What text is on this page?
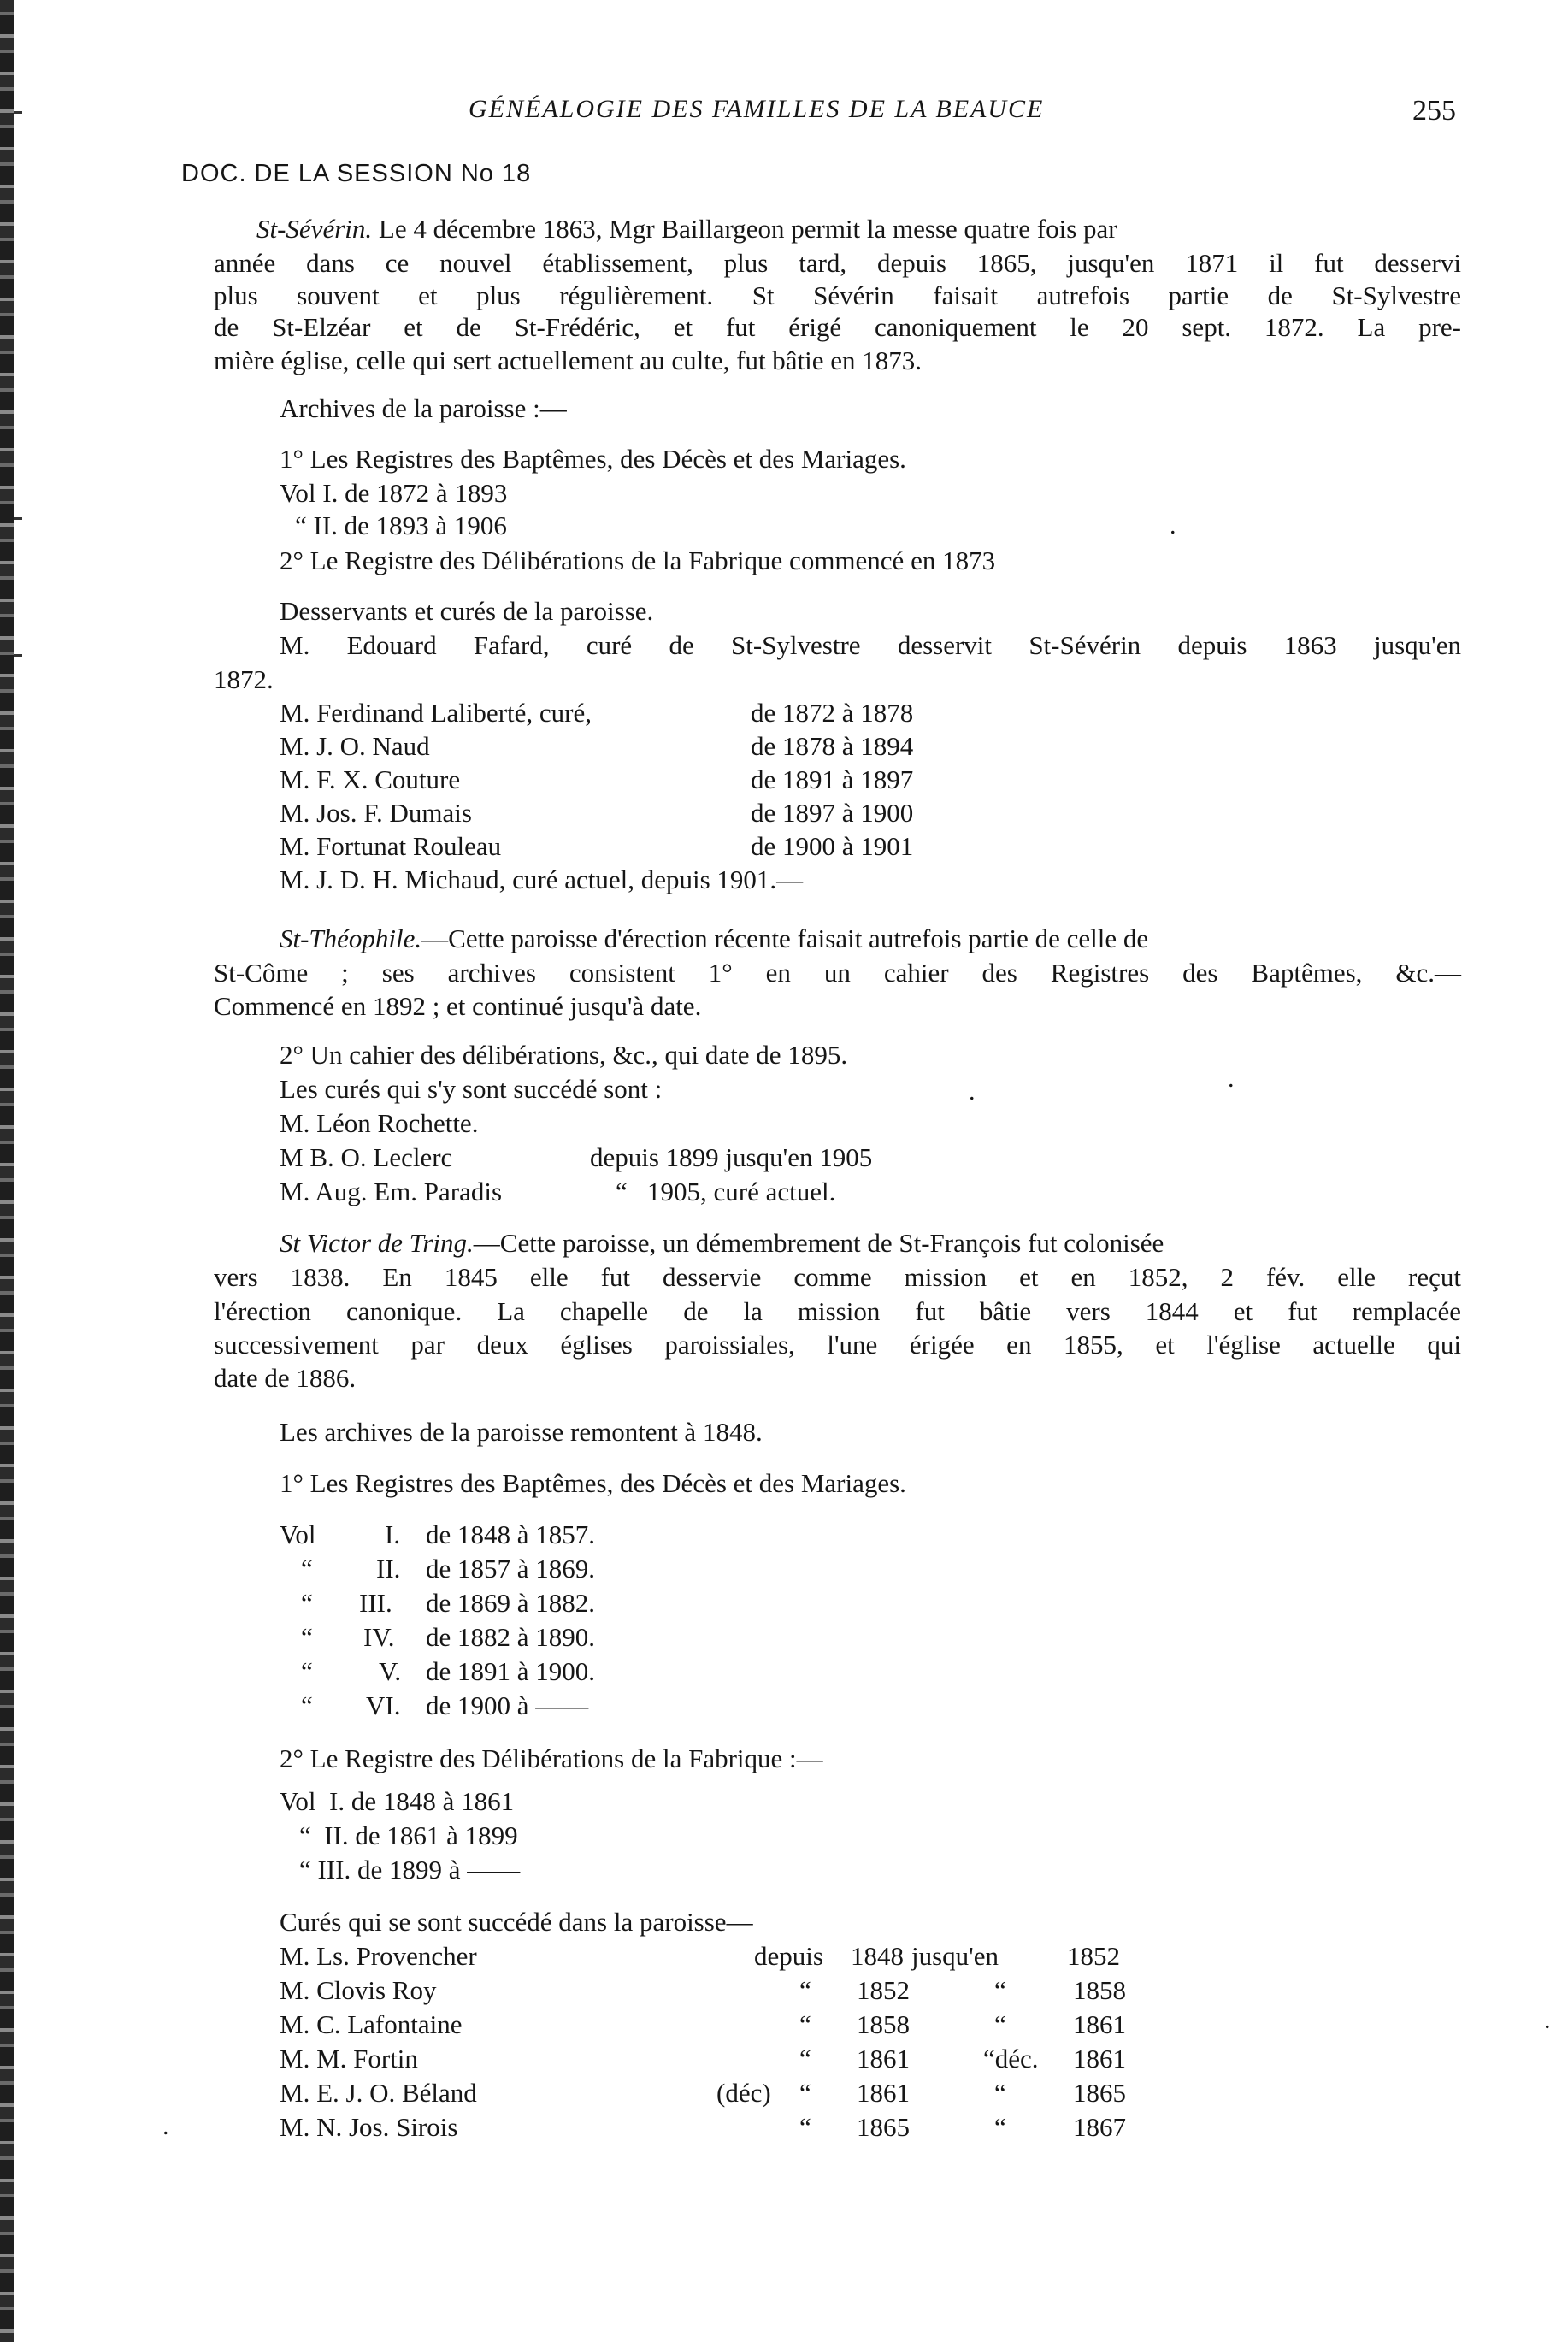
GÉNÉALOGIE DES FAMILLES DE LA BEAUCE	255
DOC. DE LA SESSION No 18
St-Sévérin. Le 4 décembre 1863, Mgr Baillargeon permit la messe quatre fois par
année dans ce nouvel établissement, plus tard, depuis 1865, jusqu'en 1871 il fut desservi
plus souvent et plus régulièrement. St Sévérin faisait autrefois partie de St-Sylvestre
de St-Elzéar et de St-Frédéric, et fut érigé canoniquement le 20 sept. 1872. La pre-
mière église, celle qui sert actuellement au culte, fut bâtie en 1873.
Archives de la paroisse :—
1° Les Registres des Baptêmes, des Décès et des Mariages.
Vol I. de 1872 à 1893
“ II. de 1893 à 1906	.
2° Le Registre des Délibérations de la Fabrique commencé en 1873
Desservants et curés de la paroisse.
M. Edouard Fafard, curé de St-Sylvestre desservit St-Sévérin depuis 1863 jusqu'en
1872.
M. Ferdinand Laliberté, curé,	de 1872 à 1878
M. J. O. Naud	de 1878 à 1894
M. F. X. Couture	de 1891 à 1897
M. Jos. F. Dumais	de 1897 à 1900
M. Fortunat Rouleau	de 1900 à 1901
M. J. D. H. Michaud, curé actuel, depuis 1901.—
St-Théophile.—Cette paroisse d'érection récente faisait autrefois partie de celle de
St-Côme ; ses archives consistent 1° en un cahier des Registres des Baptêmes, &c.—
Commencé en 1892 ; et continué jusqu'à date.
2° Un cahier des délibérations, &c., qui date de 1895.
Les curés qui s'y sont succédé sont :	.	.
M. Léon Rochette.
M B. O. Leclerc	depuis 1899 jusqu'en 1905
M. Aug. Em. Paradis	“   1905, curé actuel.
St Victor de Tring.—Cette paroisse, un démembrement de St-François fut colonisée
vers 1838. En 1845 elle fut desservie comme mission et en 1852, 2 fév. elle reçut
l'érection canonique. La chapelle de la mission fut bâtie vers 1844 et fut remplacée
successivement par deux églises paroissiales, l'une érigée en 1855, et l'église actuelle qui
date de 1886.
Les archives de la paroisse remontent à 1848.
1° Les Registres des Baptêmes, des Décès et des Mariages.
Vol	I. de 1848 à 1857.
“ II. de 1857 à 1869.
“ III. de 1869 à 1882.
“ IV. de 1882 à 1890.
“ V. de 1891 à 1900.
“ VI. de 1900 à ——
2° Le Registre des Délibérations de la Fabrique :—
Vol  I. de 1848 à 1861
“  II. de 1861 à 1899
“ III. de 1899 à ——
Curés qui se sont succédé dans la paroisse—
M. Ls. Provencher	depuis 1848 jusqu'en	1852
M. Clovis Roy	“ 1852	“	1858
M. C. Lafontaine	“ 1858	“	1861
M. M. Fortin	“ 1861	“déc. 1861
M. E. J. O. Béland	(déc) “ 1861	“	1865
M. N. Jos. Sirois	“ 1865	“	1867
.
.
